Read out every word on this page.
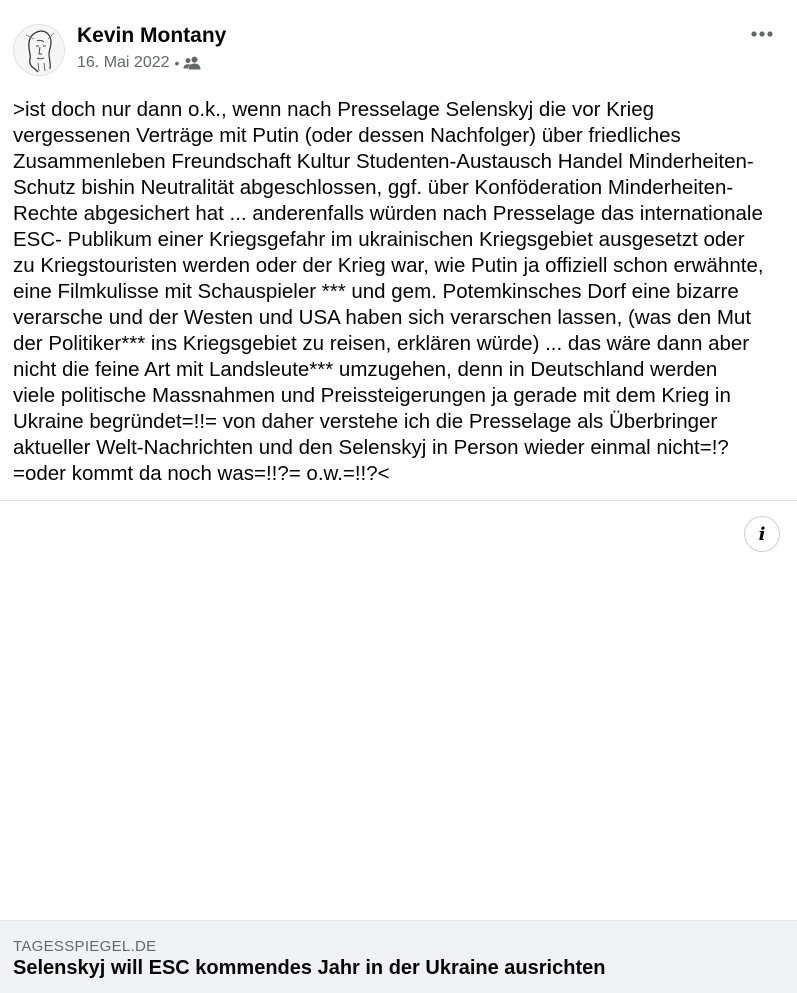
Kevin Montany
16. Mai 2022 •
>ist doch nur dann o.k., wenn nach Presselage Selenskyj die vor Krieg
vergessenen Verträge mit Putin (oder dessen Nachfolger) über friedliches
Zusammenleben Freundschaft Kultur Studenten-Austausch Handel Minderheiten-
Schutz bishin Neutralität abgeschlossen, ggf. über Konföderation Minderheiten-
Rechte abgesichert hat ... anderenfalls würden nach Presselage das internationale
ESC- Publikum einer Kriegsgefahr im ukrainischen Kriegsgebiet ausgesetzt oder
zu Kriegstouristen werden oder der Krieg war, wie Putin ja offiziell schon erwähnte,
eine Filmkulisse mit Schauspieler *** und gem. Potemkinsches Dorf eine bizarre
verarsche und der Westen und USA haben sich verarschen lassen, (was den Mut
der Politiker*** ins Kriegsgebiet zu reisen, erklären würde) ... das wäre dann aber
nicht die feine Art mit Landsleute*** umzugehen, denn in Deutschland werden
viele politische Massnahmen und Preissteigerungen ja gerade mit dem Krieg in
Ukraine begründet=!!= von daher verstehe ich die Presselage als Überbringer
aktueller Welt-Nachrichten und den Selenskyj in Person wieder einmal nicht=!?
=oder kommt da noch was=!!?= o.w.=!!?<
i
TAGESSPIEGEL.DE
Selenskyj will ESC kommendes Jahr in der Ukraine ausrichten
